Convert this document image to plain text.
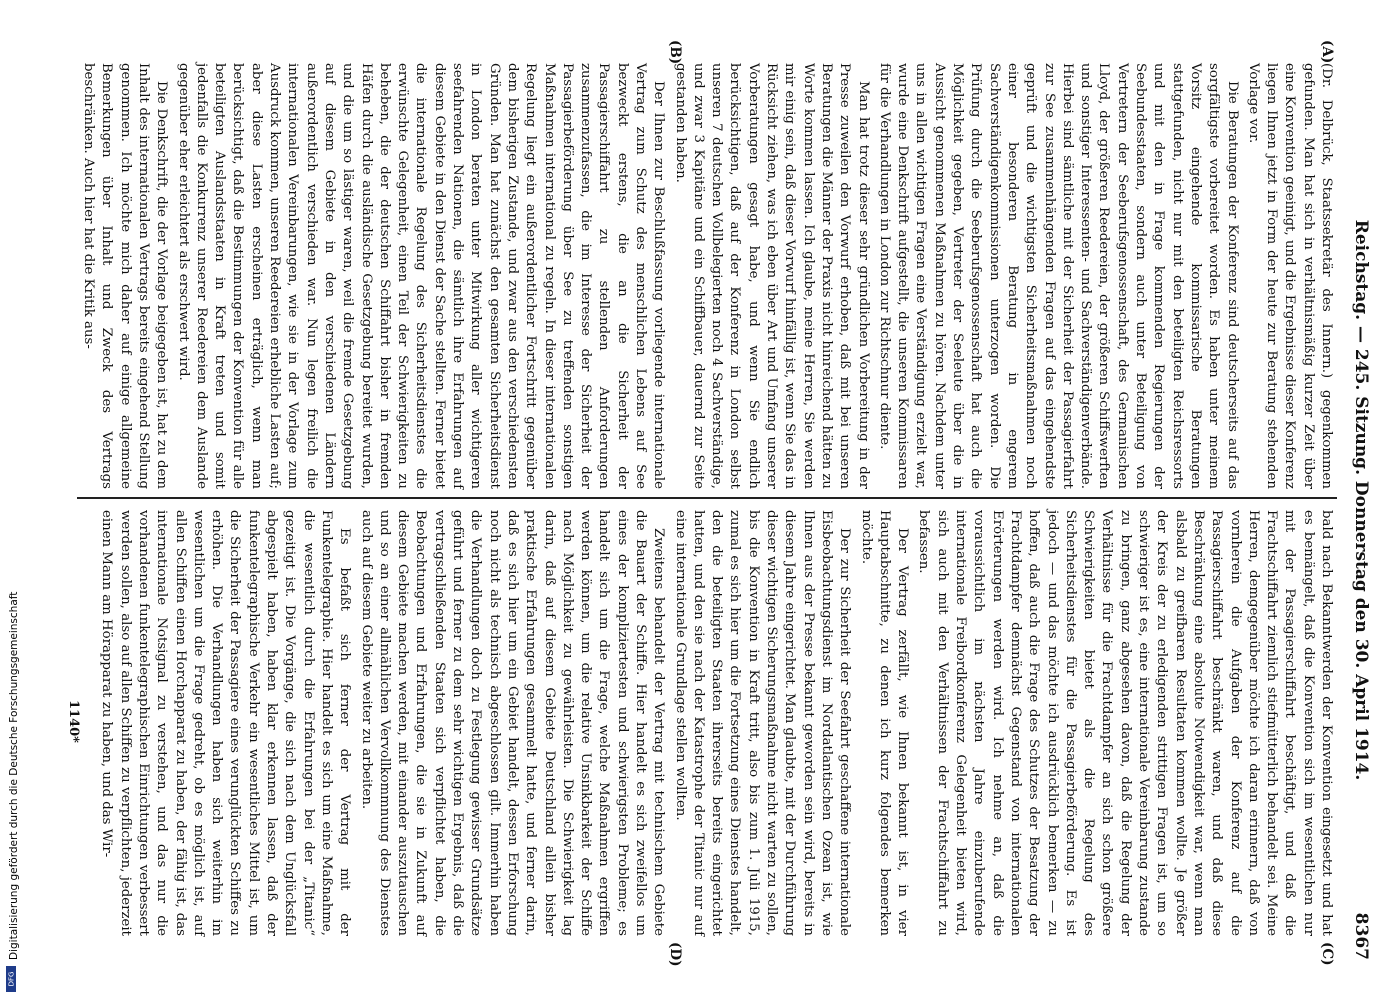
Digitalisierung gefördert durch die Deutsche Forschungsgemeinschaft
DFG
Reichstag. — 245. Sitzung. Donnerstag den 30. April 1914.
8367
(A)
(B)
(C)
(D)

(Dr. Delbrück, Staatssekretär des Innern.) gegenkommen gefunden. Man hat sich in verhältnismäßig kurzer Zeit über eine Konvention geeinigt, und die Ergebnisse dieser Konferenz liegen Ihnen jetzt in Form der heute zur Beratung stehenden Vorlage vor.

Die Beratungen der Konferenz sind deutscherseits auf das sorgfältigste vorbereitet worden. Es haben unter meinem Vorsitz eingehende kommissarische Beratungen stattgefunden, nicht nur mit den beteiligten Reichsressorts und mit den in Frage kommenden Regierungen der Seebundesstaaten, sondern auch unter Beteiligung von Vertretern der Seeberufsgenossenschaft, des Germanischen Lloyd, der größeren Reedereien, der größeren Schiffswerften und sonstiger Interessenten- und Sachverständigenverbände. Hierbei sind sämtliche mit der Sicherheit der Passagierfahrt zur See zusammenhängenden Fragen auf das eingehendste geprüft und die wichtigsten Sicherheitsmaßnahmen noch einer besonderen Beratung in engerem Sachverständigenkommissionen unterzogen worden. Die Prüfung durch die Seeberufsgenossenschaft hat auch die Möglichkeit gegeben, Vertreter der Seeleute über die in Aussicht genommenen Maßnahmen zu hören. Nachdem unter uns in allen wichtigen Fragen eine Verständigung erzielt war, wurde eine Denkschrift aufgestellt, die unseren Kommissaren für die Verhandlungen in London zur Richtschnur diente.

Man hat trotz dieser sehr gründlichen Vorbereitung in der Presse zuweilen den Vorwurf erhoben, daß mit bei unseren Beratungen die Männer der Praxis nicht hinreichend hätten zu Worte kommen lassen. Ich glaube, meine Herren, Sie werden mir einig sein, daß dieser Vorwurf hinfällig ist, wenn Sie das in Rücksicht ziehen, was ich eben über Art und Umfang unserer Vorberatungen gesagt habe, und wenn Sie endlich berücksichtigen, daß auf der Konferenz in London selbst unseren 7 deutschen Vollbelegierten noch 4 Sachverständige, und zwar 3 Kapitäne und ein Schiffbauer, dauernd zur Seite gestanden haben.

Der Ihnen zur Beschlußfassung vorliegende internationale Vertrag zum Schutz des menschlichen Lebens auf See bezweckt erstens, die an die Sicherheit der Passagierschiffahrt zu stellenden Anforderungen zusammenzufassen, die im Interesse der Sicherheit der Passagierbeförderung über See zu treffenden sonstigen Maßnahmen international zu regeln. In dieser internationalen Regelung liegt ein außerordentlicher Fortschritt gegenüber dem bisherigen Zustande, und zwar aus den verschiedensten Gründen. Man hat zunächst den gesamten Sicherheitsdienst in London beraten unter Mitwirkung aller wichtigeren seefahrenden Nationen, die sämtlich ihre Erfahrungen auf diesem Gebiete in den Dienst der Sache stellten. Ferner bietet die internationale Regelung des Sicherheitsdienstes die erwünschte Gelegenheit, einen Teil der Schwierigkeiten zu beheben, die der deutschen Schiffahrt bisher in fremden Häfen durch die ausländische Gesetzgebung bereitet wurden, und die um so lästiger waren, weil die fremde Gesetzgebung auf diesem Gebiete in den verschiedenen Ländern außerordentlich verschieden war. Nun legen freilich die internationalen Vereinbarungen, wie sie in der Vorlage zum Ausdruck kommen, unseren Reedereien erhebliche Lasten auf; aber diese Lasten erscheinen erträglich, wenn man berücksichtigt, daß die Bestimmungen der Konvention für alle beteiligten Auslandsstaaten in Kraft treten und somit jedenfalls die Konkurrenz unserer Reedereien dem Auslande gegenüber eher erleichtert als erschwert wird.

Die Denkschrift, die der Vorlage beigegeben ist, hat zu dem Inhalt des internationalen Vertrags bereits eingehend Stellung genommen. Ich möchte mich daher auf einige allgemeine Bemerkungen über Inhalt und Zweck des Vertrags beschränken. Auch hier hat die Kritik aus-

bald nach Bekanntwerden der Konvention eingesetzt und hat es bemängelt, daß die Konvention sich im wesentlichen nur mit der Passagierschiffahrt beschäftigt, und daß die Frachtschiffahrt ziemlich stiefmütterlich behandelt sei. Meine Herren, demgegenüber möchte ich daran erinnern, daß von vornherein die Aufgaben der Konferenz auf die Passagierschiffahrt beschränkt waren, und daß diese Beschränkung eine absolute Notwendigkeit war, wenn man alsbald zu greifbaren Resultaten kommen wollte. Je größer der Kreis der zu erledigenden strittigen Fragen ist, um so schwieriger ist es, eine internationale Vereinbarung zustande zu bringen, ganz abgesehen davon, daß die Regelung der Verhältnisse für die Frachtdampfer an sich schon größere Schwierigkeiten bietet als die Regelung des Sicherheitsdienstes für die Passagierbeförderung. Es ist jedoch — und das möchte ich ausdrücklich bemerken — zu hoffen, daß auch die Frage des Schutzes der Besatzung der Frachtdampfer demnächst Gegenstand von internationalen Erörterungen werden wird. Ich nehme an, daß die voraussichtlich im nächsten Jahre einzuberufende internationale Freibordkonferenz Gelegenheit bieten wird, sich auch mit den Verhältnissen der Frachtschiffahrt zu befassen.

Der Vertrag zerfällt, wie Ihnen bekannt ist, in vier Hauptabschnitte, zu denen ich kurz folgendes bemerken möchte.

Der zur Sicherheit der Seefahrt geschaffene internationale Eisbeobachtungsdienst im Nordatlantischen Ozean ist, wie Ihnen aus der Presse bekannt geworden sein wird, bereits in diesem Jahre eingerichtet. Man glaubte, mit der Durchführung dieser wichtigen Sicherungsmaßnahme nicht warten zu sollen, bis die Konvention in Kraft tritt, also bis zum 1. Juli 1915, zumal es sich hier um die Fortsetzung eines Dienstes handelt, den die beteiligten Staaten ihrerseits bereits eingerichtet hatten, und den sie nach der Katastrophe der Titanic nur auf eine internationale Grundlage stellen wollten.

Zweitens behandelt der Vertrag mit technischem Gebiete die Bauart der Schiffe. Hier handelt es sich zweifellos um eines der kompliziertesten und schwierigsten Probleme; es handelt sich um die Frage, welche Maßnahmen ergriffen werden können, um die relative Unsinkbarkeit der Schiffe nach Möglichkeit zu gewährleisten. Die Schwierigkeit lag darin, daß auf diesem Gebiete Deutschland allein bisher praktische Erfahrungen gesammelt hatte, und ferner darin, daß es sich hier um ein Gebiet handelt, dessen Erforschung noch nicht als technisch abgeschlossen gilt. Immerhin haben die Verhandlungen doch zu Festlegung gewisser Grundsätze geführt und ferner zu dem sehr wichtigen Ergebnis, daß die vertragschließenden Staaten sich verpflichtet haben, die Beobachtungen und Erfahrungen, die sie in Zukunft auf diesem Gebiete machen werden, mit einander auszutauschen und so an einer allmählichen Vervollkommnung des Dienstes auch auf diesem Gebiete weiter zu arbeiten.

Es befaßt sich ferner der Vertrag mit der Funkentelegraphie. Hier handelt es sich um eine Maßnahme, die wesentlich durch die Erfahrungen bei der „Titanic“ gezeitigt ist. Die Vorgänge, die sich nach dem Unglücksfall abgespielt haben, haben klar erkennen lassen, daß der funkentelegraphische Verkehr ein wesentliches Mittel ist, um die Sicherheit der Passagiere eines verunglückten Schiffes zu erhöhen. Die Verhandlungen haben sich weiterhin im wesentlichen um die Frage gedreht, ob es möglich ist, auf allen Schiffen einen Horchapparat zu haben, der fähig ist, das internationale Notsignal zu verstehen, und das nur die vorhandenen funkentelegraphischen Einrichtungen verbessert werden sollen, also auf allen Schiffen zu verpflichten, jederzeit einen Mann am Hörapparat zu haben, und das Wir-

1140*
